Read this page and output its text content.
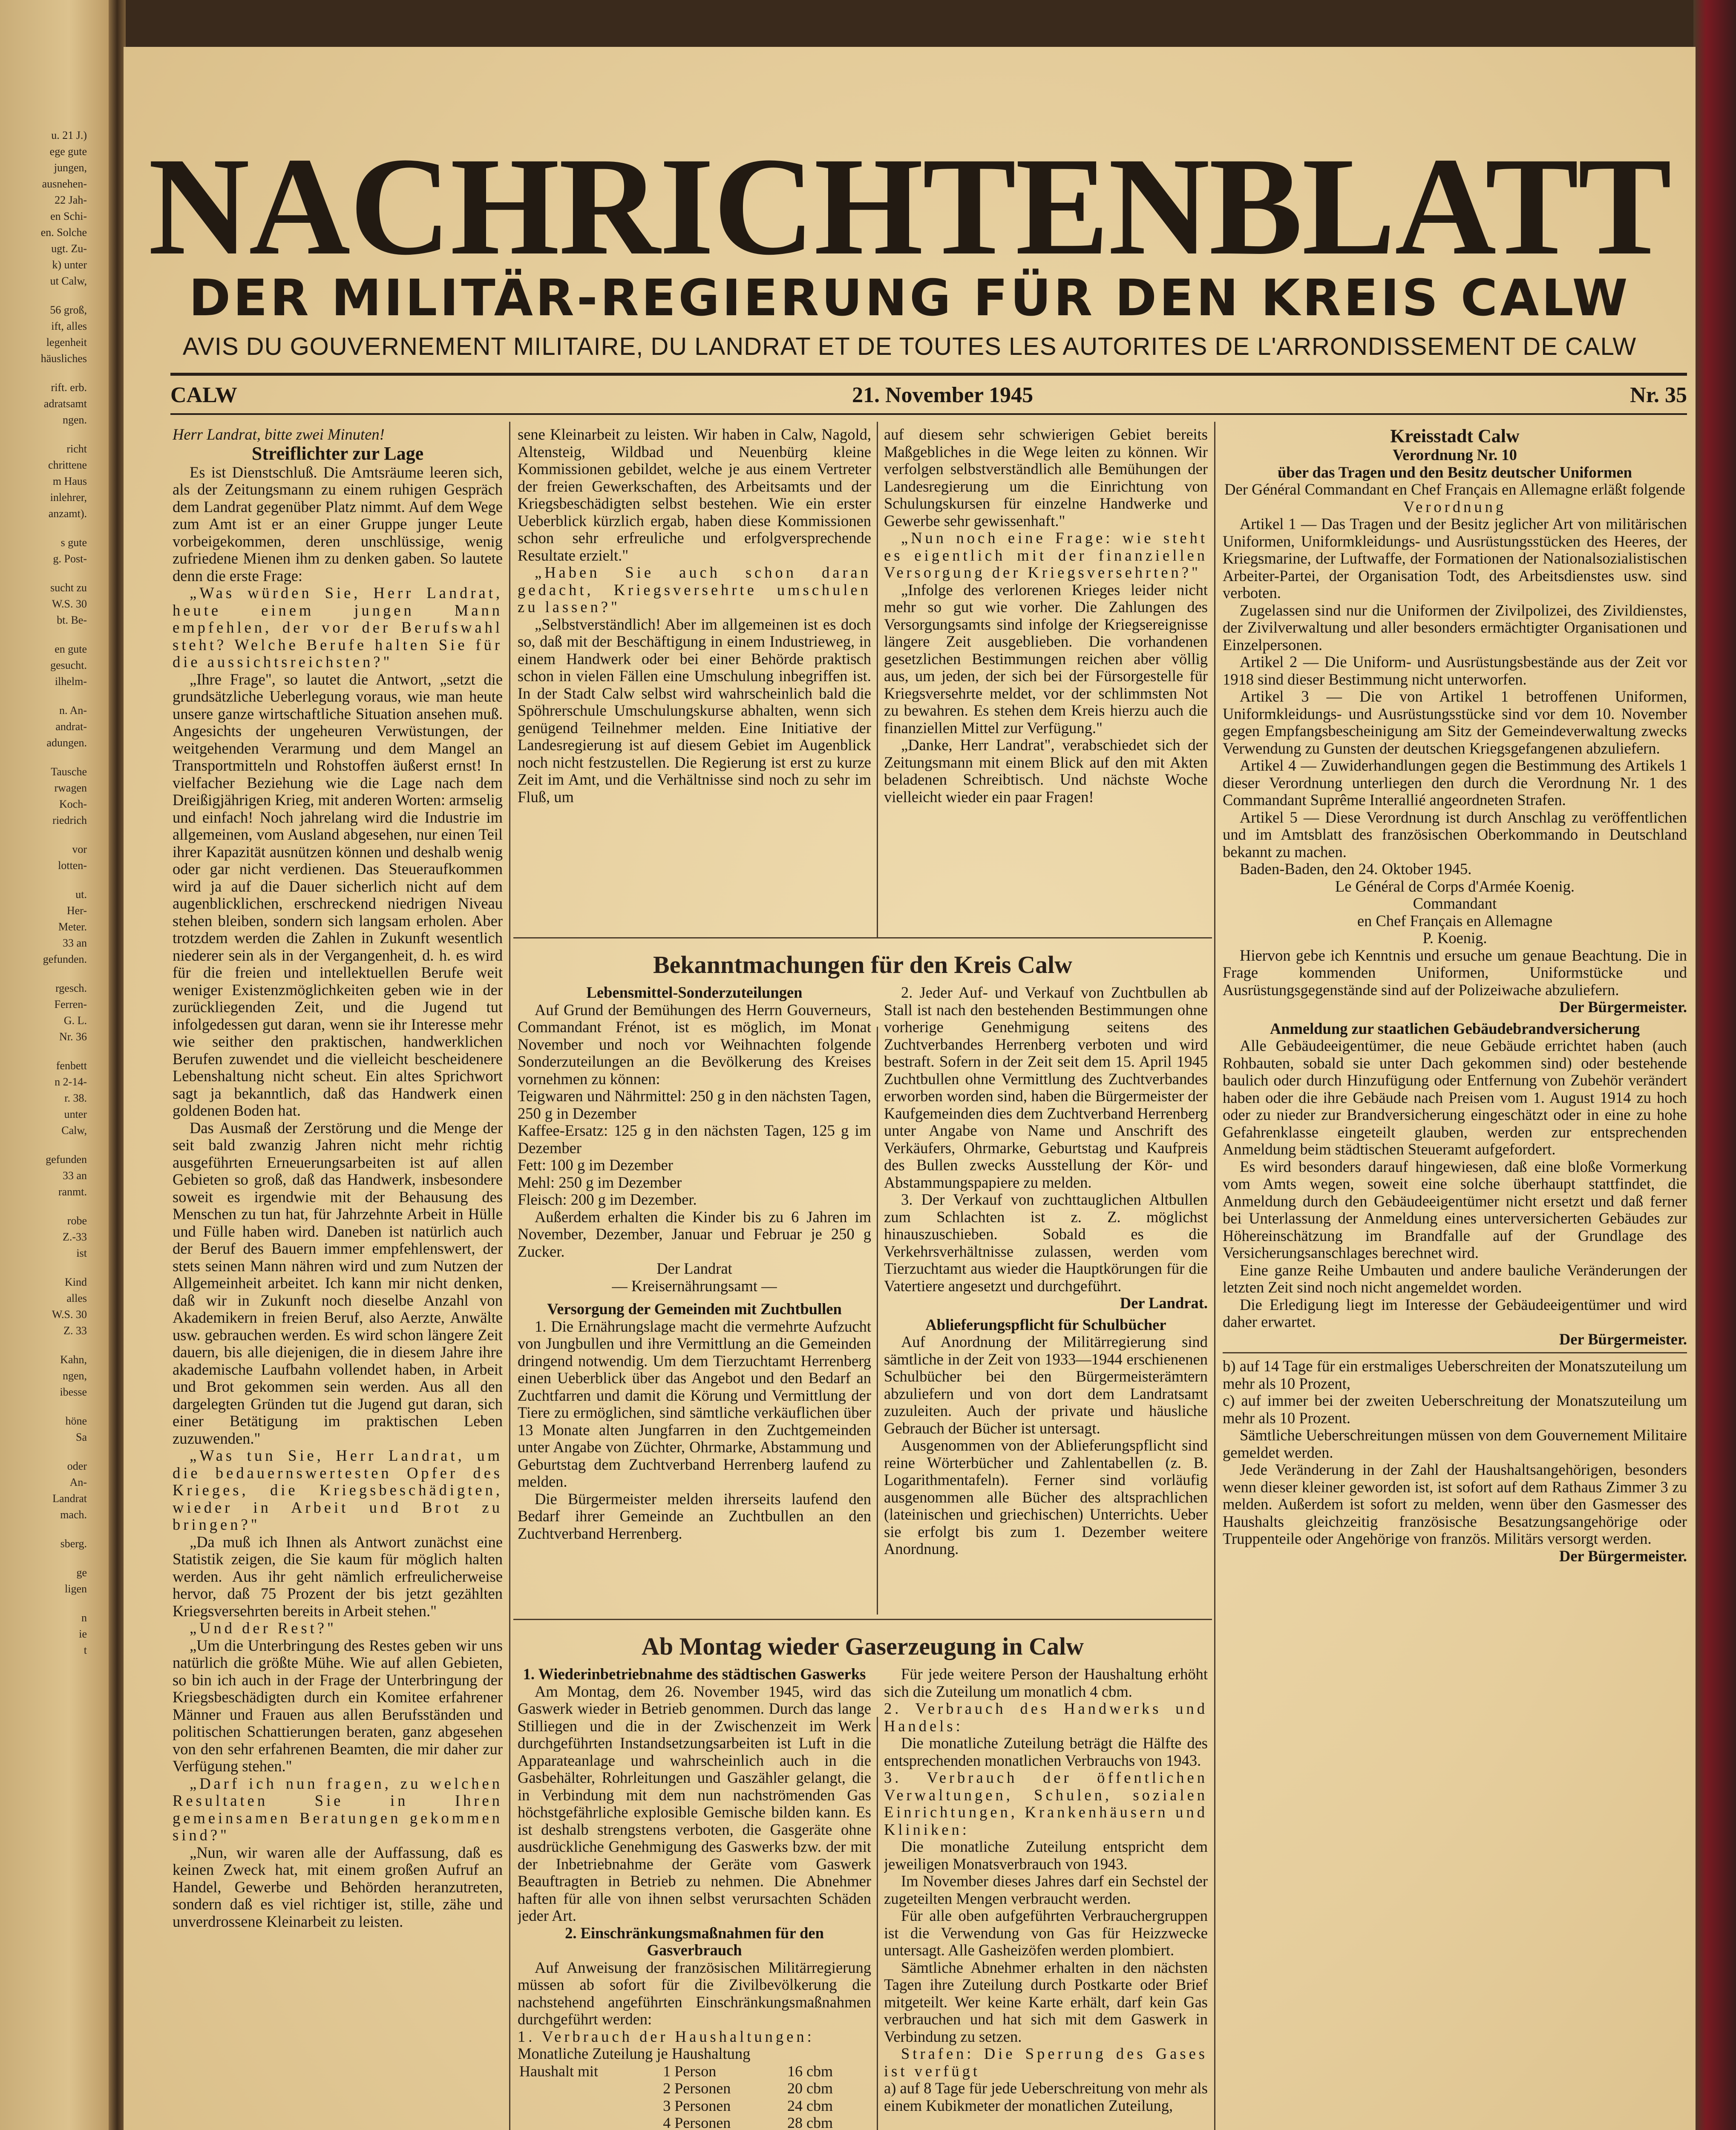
u. 21 J.)
ege gute
jungen,
ausnehen-
22 Jah-
en Schi-
en. Solche
ugt. Zu-
k) unter
ut Calw,
56 groß,
ift, alles
legenheit
häusliches
rift. erb.
adratsamt
ngen.
richt
chrittene
m Haus
inlehrer,
anzamt).
s gute
g. Post-
sucht zu
W.S. 30
bt. Be-
en gute
gesucht.
ilhelm-
n. An-
andrat-
adungen.
Tausche
rwagen
Koch-
riedrich
vor
lotten-
ut.
Her-
Meter.
33 an
gefunden.
rgesch.
Ferren-
G. L.
Nr. 36
fenbett
n 2-14-
r. 38.
unter
Calw,
gefunden
33 an
ranmt.
robe
Z.-33
ist
Kind
alles
W.S. 30
Z. 33
Kahn,
ngen,
ibesse
höne
Sa
oder
An-
Landrat
mach.
sberg.
ge
ligen
n
ie
t
NACHRICHTENBLATT
DER MILITÄR-REGIERUNG FÜR DEN KREIS CALW
AVIS DU GOUVERNEMENT MILITAIRE, DU LANDRAT ET DE TOUTES LES AUTORITES DE L'ARRONDISSEMENT DE CALW
CALW	21. November 1945	Nr. 35
Bekanntmachungen für den Kreis Calw
Ab Montag wieder Gaserzeugung in Calw

Herr Landrat, bitte zwei Minuten!

Streiflichter zur Lage

Es ist Dienstschluß. Die Amtsräume leeren sich, als der Zeitungsmann zu einem ruhigen Gespräch dem Landrat gegenüber Platz nimmt. Auf dem Wege zum Amt ist er an einer Gruppe junger Leute vorbeigekommen, deren unschlüssige, wenig zufriedene Mienen ihm zu denken gaben. So lautete denn die erste Frage:

„Was würden Sie, Herr Landrat, heute einem jungen Mann empfehlen, der vor der Berufswahl steht? Welche Berufe halten Sie für die aussichtsreichsten?"

„Ihre Frage", so lautet die Antwort, „setzt die grundsätzliche Ueberlegung voraus, wie man heute unsere ganze wirtschaftliche Situation ansehen muß. Angesichts der ungeheuren Verwüstungen, der weitgehenden Verarmung und dem Mangel an Transportmitteln und Rohstoffen äußerst ernst! In vielfacher Beziehung wie die Lage nach dem Dreißigjährigen Krieg, mit anderen Worten: armselig und einfach! Noch jahrelang wird die Industrie im allgemeinen, vom Ausland abgesehen, nur einen Teil ihrer Kapazität ausnützen können und deshalb wenig oder gar nicht verdienen. Das Steueraufkommen wird ja auf die Dauer sicherlich nicht auf dem augenblicklichen, erschreckend niedrigen Niveau stehen bleiben, sondern sich langsam erholen. Aber trotzdem werden die Zahlen in Zukunft wesentlich niederer sein als in der Vergangenheit, d. h. es wird für die freien und intellektuellen Berufe weit weniger Existenzmöglichkeiten geben wie in der zurückliegenden Zeit, und die Jugend tut infolgedessen gut daran, wenn sie ihr Interesse mehr wie seither den praktischen, handwerklichen Berufen zuwendet und die vielleicht bescheidenere Lebenshaltung nicht scheut. Ein altes Sprichwort sagt ja bekanntlich, daß das Handwerk einen goldenen Boden hat.

Das Ausmaß der Zerstörung und die Menge der seit bald zwanzig Jahren nicht mehr richtig ausgeführten Erneuerungsarbeiten ist auf allen Gebieten so groß, daß das Handwerk, insbesondere soweit es irgendwie mit der Behausung des Menschen zu tun hat, für Jahrzehnte Arbeit in Hülle und Fülle haben wird. Daneben ist natürlich auch der Beruf des Bauern immer empfehlenswert, der stets seinen Mann nähren wird und zum Nutzen der Allgemeinheit arbeitet. Ich kann mir nicht denken, daß wir in Zukunft noch dieselbe Anzahl von Akademikern in freien Beruf, also Aerzte, Anwälte usw. gebrauchen werden. Es wird schon längere Zeit dauern, bis alle diejenigen, die in diesem Jahre ihre akademische Laufbahn vollendet haben, in Arbeit und Brot gekommen sein werden. Aus all den dargelegten Gründen tut die Jugend gut daran, sich einer Betätigung im praktischen Leben zuzuwenden."

„Was tun Sie, Herr Landrat, um die bedauernswertesten Opfer des Krieges, die Kriegsbeschädigten, wieder in Arbeit und Brot zu bringen?"

„Da muß ich Ihnen als Antwort zunächst eine Statistik zeigen, die Sie kaum für möglich halten werden. Aus ihr geht nämlich erfreulicherweise hervor, daß 75 Prozent der bis jetzt gezählten Kriegsversehrten bereits in Arbeit stehen."

„Und der Rest?"

„Um die Unterbringung des Restes geben wir uns natürlich die größte Mühe. Wie auf allen Gebieten, so bin ich auch in der Frage der Unterbringung der Kriegsbeschädigten durch ein Komitee erfahrener Männer und Frauen aus allen Berufsständen und politischen Schattierungen beraten, ganz abgesehen von den sehr erfahrenen Beamten, die mir daher zur Verfügung stehen."

„Darf ich nun fragen, zu welchen Resultaten Sie in Ihren gemeinsamen Beratungen gekommen sind?"

„Nun, wir waren alle der Auffassung, daß es keinen Zweck hat, mit einem großen Aufruf an Handel, Gewerbe und Behörden heranzutreten, sondern daß es viel richtiger ist, stille, zähe und unverdrossene Kleinarbeit zu leisten.

sene Kleinarbeit zu leisten. Wir haben in Calw, Nagold, Altensteig, Wildbad und Neuenbürg kleine Kommissionen gebildet, welche je aus einem Vertreter der freien Gewerkschaften, des Arbeitsamts und der Kriegsbeschädigten selbst bestehen. Wie ein erster Ueberblick kürzlich ergab, haben diese Kommissionen schon sehr erfreuliche und erfolgversprechende Resultate erzielt."

„Haben Sie auch schon daran gedacht, Kriegsversehrte umschulen zu lassen?"

„Selbstverständlich! Aber im allgemeinen ist es doch so, daß mit der Beschäftigung in einem Industrieweg, in einem Handwerk oder bei einer Behörde praktisch schon in vielen Fällen eine Umschulung inbegriffen ist. In der Stadt Calw selbst wird wahrscheinlich bald die Spöhrerschule Umschulungskurse abhalten, wenn sich genügend Teilnehmer melden. Eine Initiative der Landesregierung ist auf diesem Gebiet im Augenblick noch nicht festzustellen. Die Regierung ist erst zu kurze Zeit im Amt, und die Verhältnisse sind noch zu sehr im Fluß, um

auf diesem sehr schwierigen Gebiet bereits Maßgebliches in die Wege leiten zu können. Wir verfolgen selbstverständlich alle Bemühungen der Landesregierung um die Einrichtung von Schulungskursen für einzelne Handwerke und Gewerbe sehr gewissenhaft."

„Nun noch eine Frage: wie steht es eigentlich mit der finanziellen Versorgung der Kriegsversehrten?"

„Infolge des verlorenen Krieges leider nicht mehr so gut wie vorher. Die Zahlungen des Versorgungsamts sind infolge der Kriegsereignisse längere Zeit ausgeblieben. Die vorhandenen gesetzlichen Bestimmungen reichen aber völlig aus, um jeden, der sich bei der Fürsorgestelle für Kriegsversehrte meldet, vor der schlimmsten Not zu bewahren. Es stehen dem Kreis hierzu auch die finanziellen Mittel zur Verfügung."

„Danke, Herr Landrat", verabschiedet sich der Zeitungsmann mit einem Blick auf den mit Akten beladenen Schreibtisch. Und nächste Woche vielleicht wieder ein paar Fragen!

Lebensmittel-Sonderzuteilungen

Auf Grund der Bemühungen des Herrn Gouverneurs, Commandant Frénot, ist es möglich, im Monat November und noch vor Weihnachten folgende Sonderzuteilungen an die Bevölkerung des Kreises vornehmen zu können:

Teigwaren und Nährmittel: 250 g in den nächsten Tagen, 250 g in Dezember
Kaffee-Ersatz: 125 g in den nächsten Tagen, 125 g im Dezember
Fett: 100 g im Dezember
Mehl: 250 g im Dezember
Fleisch: 200 g im Dezember.

Außerdem erhalten die Kinder bis zu 6 Jahren im November, Dezember, Januar und Februar je 250 g Zucker.

Der Landrat
— Kreisernährungsamt —

Versorgung der Gemeinden mit Zuchtbullen

1. Die Ernährungslage macht die vermehrte Aufzucht von Jungbullen und ihre Vermittlung an die Gemeinden dringend notwendig. Um dem Tierzuchtamt Herrenberg einen Ueberblick über das Angebot und den Bedarf an Zuchtfarren und damit die Körung und Vermittlung der Tiere zu ermöglichen, sind sämtliche verkäuflichen über 13 Monate alten Jungfarren in den Zuchtgemeinden unter Angabe von Züchter, Ohrmarke, Abstammung und Geburtstag dem Zuchtverband Herrenberg laufend zu melden.

Die Bürgermeister melden ihrerseits laufend den Bedarf ihrer Gemeinde an Zuchtbullen an den Zuchtverband Herrenberg.

2. Jeder Auf- und Verkauf von Zuchtbullen ab Stall ist nach den bestehenden Bestimmungen ohne vorherige Genehmigung seitens des Zuchtverbandes Herrenberg verboten und wird bestraft. Sofern in der Zeit seit dem 15. April 1945 Zuchtbullen ohne Vermittlung des Zuchtverbandes erworben worden sind, haben die Bürgermeister der Kaufgemeinden dies dem Zuchtverband Herrenberg unter Angabe von Name und Anschrift des Verkäufers, Ohrmarke, Geburtstag und Kaufpreis des Bullen zwecks Ausstellung der Kör- und Abstammungspapiere zu melden.

3. Der Verkauf von zuchttauglichen Altbullen zum Schlachten ist z. Z. möglichst hinauszuschieben. Sobald es die Verkehrsverhältnisse zulassen, werden vom Tierzuchtamt aus wieder die Hauptkörungen für die Vatertiere angesetzt und durchgeführt.

Der Landrat.

Ablieferungspflicht für Schulbücher

Auf Anordnung der Militärregierung sind sämtliche in der Zeit von 1933—1944 erschienenen Schulbücher bei den Bürgermeisterämtern abzuliefern und von dort dem Landratsamt zuzuleiten. Auch der private und häusliche Gebrauch der Bücher ist untersagt.

Ausgenommen von der Ablieferungspflicht sind reine Wörterbücher und Zahlentabellen (z. B. Logarithmentafeln). Ferner sind vorläufig ausgenommen alle Bücher des altsprachlichen (lateinischen und griechischen) Unterrichts. Ueber sie erfolgt bis zum 1. Dezember weitere Anordnung.

1. Wiederinbetriebnahme des städtischen Gaswerks

Am Montag, dem 26. November 1945, wird das Gaswerk wieder in Betrieb genommen. Durch das lange Stilliegen und die in der Zwischenzeit im Werk durchgeführten Instandsetzungsarbeiten ist Luft in die Apparateanlage und wahrscheinlich auch in die Gasbehälter, Rohrleitungen und Gaszähler gelangt, die in Verbindung mit dem nun nachströmenden Gas höchstgefährliche explosible Gemische bilden kann. Es ist deshalb strengstens verboten, die Gasgeräte ohne ausdrückliche Genehmigung des Gaswerks bzw. der mit der Inbetriebnahme der Geräte vom Gaswerk Beauftragten in Betrieb zu nehmen. Die Abnehmer haften für alle von ihnen selbst verursachten Schäden jeder Art.

2. Einschränkungsmaßnahmen für den Gasverbrauch

Auf Anweisung der französischen Militärregierung müssen ab sofort für die Zivilbevölkerung die nachstehend angeführten Einschränkungsmaßnahmen durchgeführt werden:

1. Verbrauch der Haushaltungen:

Monatliche Zuteilung je Haushaltung

Haushalt mit	1 Person	16 cbm
	2 Personen	20 cbm
	3 Personen	24 cbm
	4 Personen	28 cbm

Für jede weitere Person der Haushaltung erhöht sich die Zuteilung um monatlich 4 cbm.

2. Verbrauch des Handwerks und Handels:

Die monatliche Zuteilung beträgt die Hälfte des entsprechenden monatlichen Verbrauchs von 1943.

3. Verbrauch der öffentlichen Verwaltungen, Schulen, sozialen Einrichtungen, Krankenhäusern und Kliniken:

Die monatliche Zuteilung entspricht dem jeweiligen Monatsverbrauch von 1943.

Im November dieses Jahres darf ein Sechstel der zugeteilten Mengen verbraucht werden.

Für alle oben aufgeführten Verbrauchergruppen ist die Verwendung von Gas für Heizzwecke untersagt. Alle Gasheizöfen werden plombiert.

Sämtliche Abnehmer erhalten in den nächsten Tagen ihre Zuteilung durch Postkarte oder Brief mitgeteilt. Wer keine Karte erhält, darf kein Gas verbrauchen und hat sich mit dem Gaswerk in Verbindung zu setzen.

Strafen: Die Sperrung des Gases ist verfügt

a) auf 8 Tage für jede Ueberschreitung von mehr als einem Kubikmeter der monatlichen Zuteilung,

Kreisstadt Calw

Verordnung Nr. 10
über das Tragen und den Besitz deutscher Uniformen

Der Général Commandant en Chef Français en Allemagne erläßt folgende

Verordnung

Artikel 1 — Das Tragen und der Besitz jeglicher Art von militärischen Uniformen, Uniformkleidungs- und Ausrüstungsstücken des Heeres, der Kriegsmarine, der Luftwaffe, der Formationen der Nationalsozialistischen Arbeiter-Partei, der Organisation Todt, des Arbeitsdienstes usw. sind verboten.

Zugelassen sind nur die Uniformen der Zivilpolizei, des Zivildienstes, der Zivilverwaltung und aller besonders ermächtigter Organisationen und Einzelpersonen.

Artikel 2 — Die Uniform- und Ausrüstungsbestände aus der Zeit vor 1918 sind dieser Bestimmung nicht unterworfen.

Artikel 3 — Die von Artikel 1 betroffenen Uniformen, Uniformkleidungs- und Ausrüstungsstücke sind vor dem 10. November gegen Empfangsbescheinigung am Sitz der Gemeindeverwaltung zwecks Verwendung zu Gunsten der deutschen Kriegsgefangenen abzuliefern.

Artikel 4 — Zuwiderhandlungen gegen die Bestimmung des Artikels 1 dieser Verordnung unterliegen den durch die Verordnung Nr. 1 des Commandant Suprême Interallié angeordneten Strafen.

Artikel 5 — Diese Verordnung ist durch Anschlag zu veröffentlichen und im Amtsblatt des französischen Oberkommando in Deutschland bekannt zu machen.

Baden-Baden, den 24. Oktober 1945.

Le Général de Corps d'Armée Koenig.
Commandant
en Chef Français en Allemagne
P. Koenig.

Hiervon gebe ich Kenntnis und ersuche um genaue Beachtung. Die in Frage kommenden Uniformen, Uniformstücke und Ausrüstungsgegenstände sind auf der Polizeiwache abzuliefern.

Der Bürgermeister.

Anmeldung zur staatlichen Gebäudebrandversicherung

Alle Gebäudeeigentümer, die neue Gebäude errichtet haben (auch Rohbauten, sobald sie unter Dach gekommen sind) oder bestehende baulich oder durch Hinzufügung oder Entfernung von Zubehör verändert haben oder die ihre Gebäude nach Preisen vom 1. August 1914 zu hoch oder zu nieder zur Brandversicherung eingeschätzt oder in eine zu hohe Gefahrenklasse eingeteilt glauben, werden zur entsprechenden Anmeldung beim städtischen Steueramt aufgefordert.

Es wird besonders darauf hingewiesen, daß eine bloße Vormerkung vom Amts wegen, soweit eine solche überhaupt stattfindet, die Anmeldung durch den Gebäudeeigentümer nicht ersetzt und daß ferner bei Unterlassung der Anmeldung eines unterversicherten Gebäudes zur Höhereinschätzung im Brandfalle auf der Grundlage des Versicherungsanschlages berechnet wird.

Eine ganze Reihe Umbauten und andere bauliche Veränderungen der letzten Zeit sind noch nicht angemeldet worden.

Die Erledigung liegt im Interesse der Gebäudeeigentümer und wird daher erwartet.

Der Bürgermeister.

b) auf 14 Tage für ein erstmaliges Ueberschreiten der Monatszuteilung um mehr als 10 Prozent,

c) auf immer bei der zweiten Ueberschreitung der Monatszuteilung um mehr als 10 Prozent.

Sämtliche Ueberschreitungen müssen von dem Gouvernement Militaire gemeldet werden.

Jede Veränderung in der Zahl der Haushaltsangehörigen, besonders wenn dieser kleiner geworden ist, ist sofort auf dem Rathaus Zimmer 3 zu melden. Außerdem ist sofort zu melden, wenn über den Gasmesser des Haushalts gleichzeitig französische Besatzungsangehörige oder Truppenteile oder Angehörige von französ. Militärs versorgt werden.

Der Bürgermeister.
